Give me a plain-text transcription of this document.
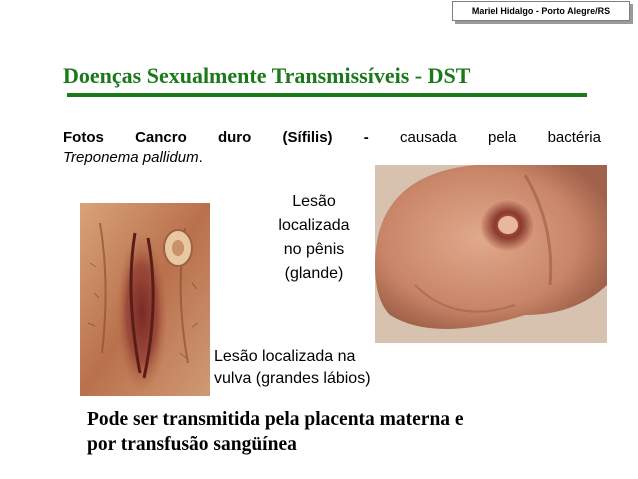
Mariel Hidalgo - Porto Alegre/RS
Doenças Sexualmente Transmissíveis - DST
Fotos Cancro duro (Sífilis) - causada pela bactéria
Treponema pallidum.
Lesão
localizada
no pênis
(glande)
Lesão localizada na
vulva (grandes lábios)
Pode ser transmitida pela placenta materna e
por transfusão sangüínea
